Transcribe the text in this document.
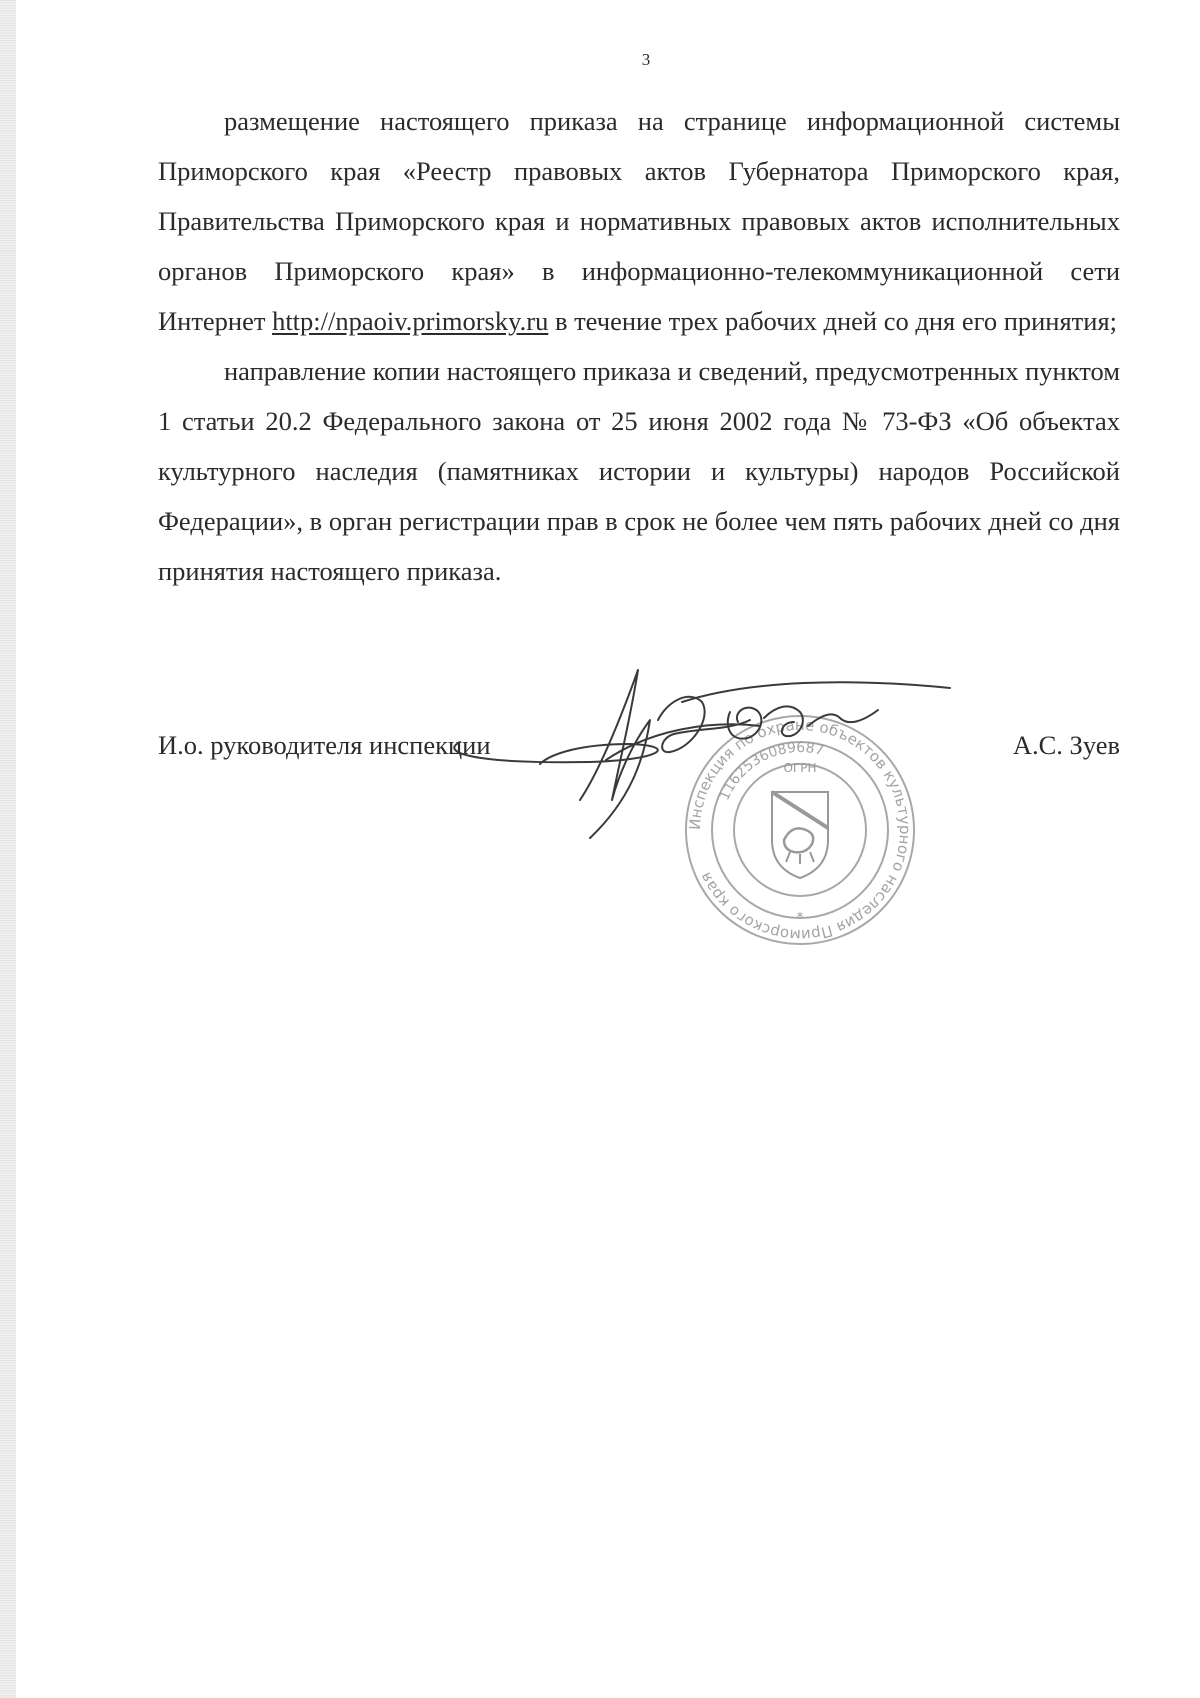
3

размещение настоящего приказа на странице информационной системы Приморского края «Реестр правовых актов Губернатора Приморского края, Правительства Приморского края и нормативных правовых актов исполнительных органов Приморского края» в информационно-телекоммуникационной сети Интернет http://npaoiv.primorsky.ru в течение трех рабочих дней со дня его принятия;

направление копии настоящего приказа и сведений, предусмотренных пунктом 1 статьи 20.2 Федерального закона от 25 июня 2002 года № 73-ФЗ «Об объектах культурного наследия (памятниках истории и культуры) народов Российской Федерации», в орган регистрации прав в срок не более чем пять рабочих дней со дня принятия настоящего приказа.

И.о. руководителя инспекции	А.С. Зуев
Инспекция по охране объектов культурного наследия Приморского края
1162536089687
ОГРН
*
